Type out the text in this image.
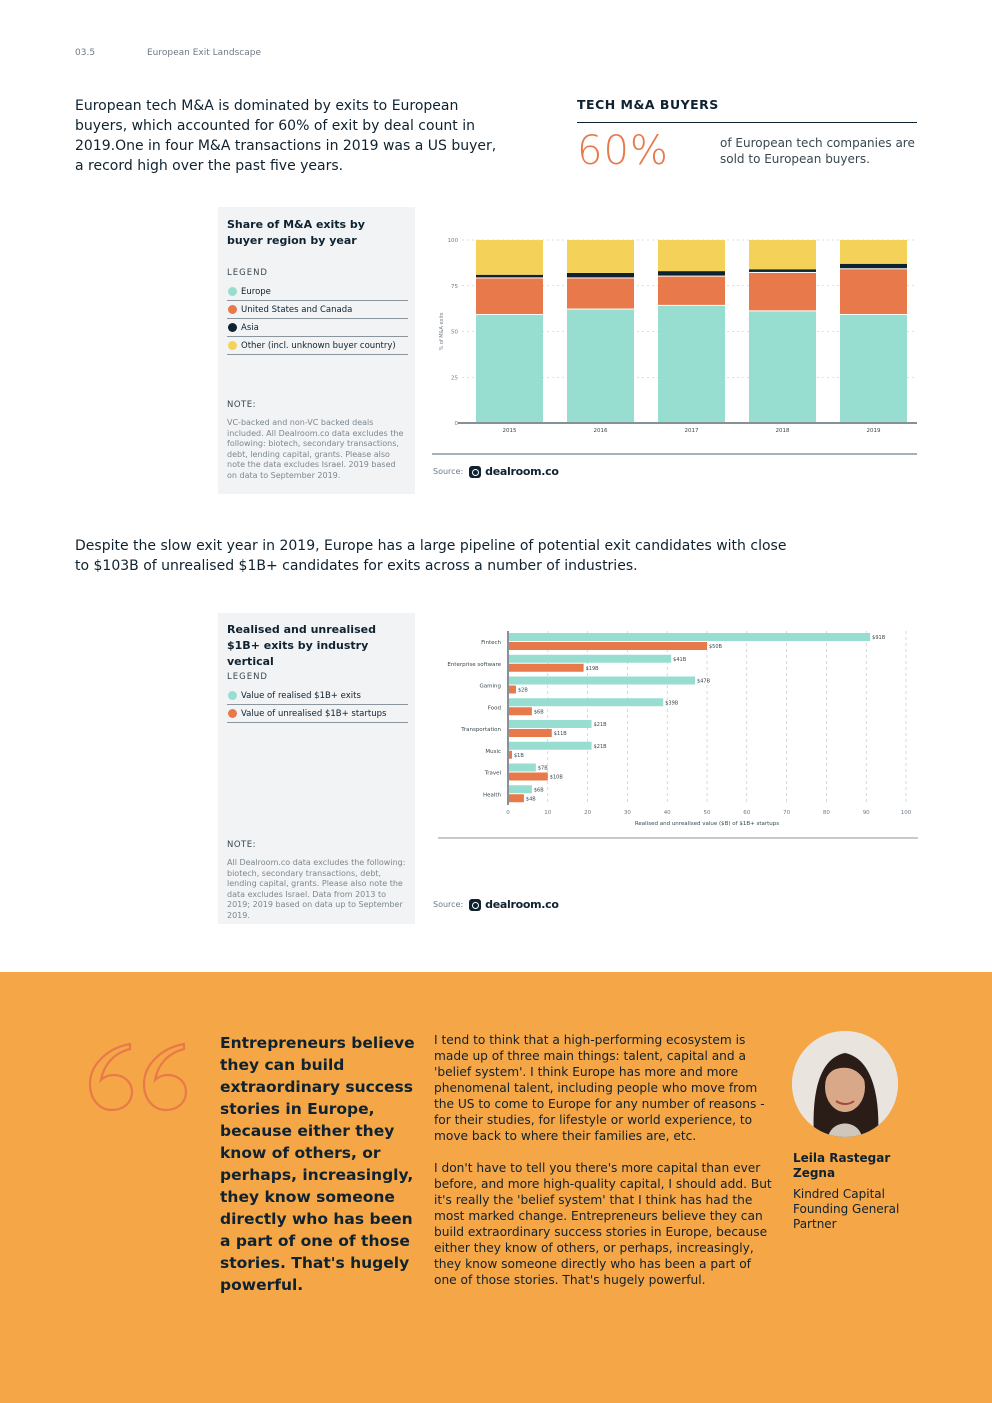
03.5	European Exit Landscape
European tech M&A is dominated by exits to European
buyers, which accounted for 60% of exit by deal count in
2019.One in four M&A transactions in 2019 was a US buyer,
a record high over the past five years.
TECH M&A BUYERS
60%	of European tech companies are sold to European buyers.
Share of M&A exits by buyer region by year
LEGEND
Europe
United States and Canada
Asia
Other (incl. unknown buyer country)
NOTE:
VC-backed and non-VC backed deals included. All Dealroom.co data excludes the following: biotech, secondary transactions, debt, lending capital, grants. Please also note the data excludes Israel. 2019 based on data to September 2019.
0
25
50
75
100
% of M&A exits
2015	2016	2017	2018	2019
Source: dealroom.co
Despite the slow exit year in 2019, Europe has a large pipeline of potential exit candidates with close
to $103B of unrealised $1B+ candidates for exits across a number of industries.
Realised and unrealised $1B+ exits by industry vertical
LEGEND
Value of realised $1B+ exits
Value of unrealised $1B+ startups
NOTE:
All Dealroom.co data excludes the following: biotech, secondary transactions, debt, lending capital, grants. Please also note the data excludes Israel. Data from 2013 to 2019; 2019 based on data up to September 2019.
0	10	20	30	40	50	60	70	80	90	100
Fintech
$91B
$50B
Enterprise software
$41B
$19B
Gaming
$47B
$2B
Food
$39B
$6B
Transportation
$21B
$11B
Music
$21B
$1B
Travel
$7B
$10B
Health
$6B
$4B
Realised and unrealised value ($B) of $1B+ startups
Source: dealroom.co
Entrepreneurs believe they can build extraordinary success stories in Europe, because either they know of others, or perhaps, increasingly, they know someone directly who has been a part of one of those stories. That's hugely powerful.

I tend to think that a high-performing ecosystem is made up of three main things: talent, capital and a 'belief system'. I think Europe has more and more phenomenal talent, including people who move from the US to come to Europe for any number of reasons - for their studies, for lifestyle or world experience, to move back to where their families are, etc.

I don't have to tell you there's more capital than ever before, and more high-quality capital, I should add. But it's really the 'belief system' that I think has had the most marked change. Entrepreneurs believe they can build extraordinary success stories in Europe, because either they know of others, or perhaps, increasingly, they know someone directly who has been a part of one of those stories. That's hugely powerful.

Leila Rastegar Zegna
Kindred Capital Founding General Partner
